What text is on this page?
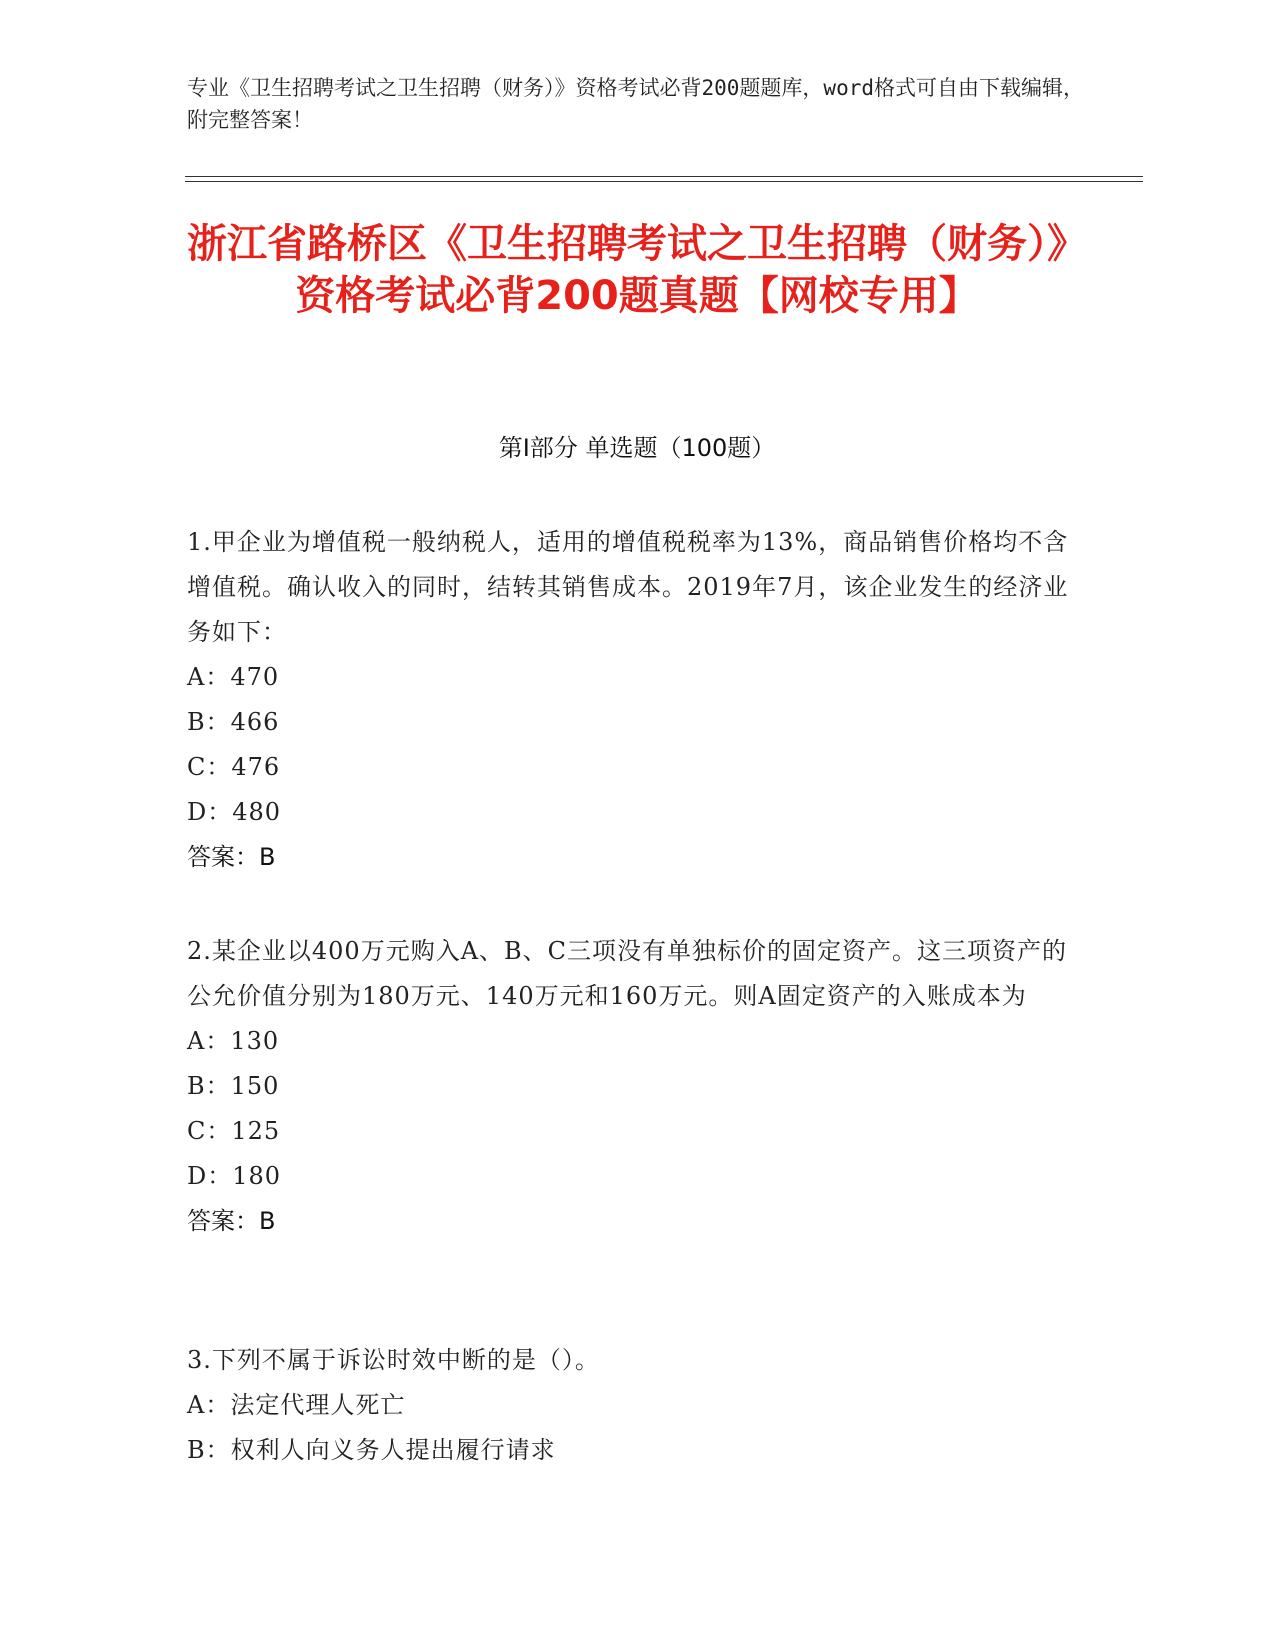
专业《卫生招聘考试之卫生招聘（财务）》资格考试必背200题题库，word格式可自由下载编辑，附完整答案！
浙江省路桥区《卫生招聘考试之卫生招聘（财务）》资格考试必背200题真题【网校专用】
第I部分 单选题（100题）
1.甲企业为增值税一般纳税人，适用的增值税税率为13%，商品销售价格均不含增值税。确认收入的同时，结转其销售成本。2019年7月，该企业发生的经济业务如下：
A：470
B：466
C：476
D：480
答案：B
2.某企业以400万元购入A、B、C三项没有单独标价的固定资产。这三项资产的公允价值分别为180万元、140万元和160万元。则A固定资产的入账成本为
A：130
B：150
C：125
D：180
答案：B
3.下列不属于诉讼时效中断的是（）。
A：法定代理人死亡
B：权利人向义务人提出履行请求
